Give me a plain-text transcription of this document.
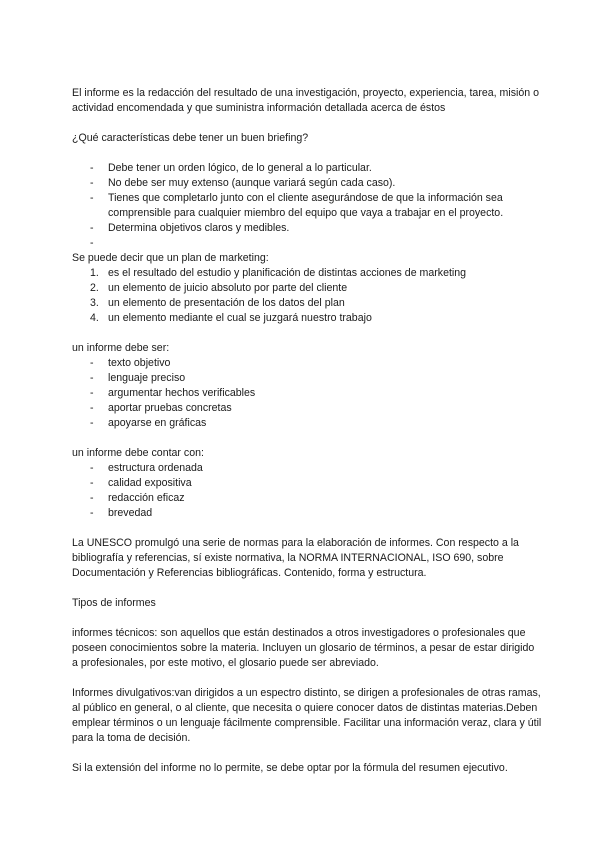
El informe es la redacción del resultado de una investigación, proyecto, experiencia, tarea, misión o actividad encomendada y que suministra información detallada acerca de éstos

¿Qué características debe tener un buen briefing?

- Debe tener un orden lógico, de lo general a lo particular.
- No debe ser muy extenso (aunque variará según cada caso).
- Tienes que completarlo junto con el cliente asegurándose de que la información sea comprensible para cualquier miembro del equipo que vaya a trabajar en el proyecto.
- Determina objetivos claros y medibles.
-

Se puede decir que un plan de marketing:

1. es el resultado del estudio y planificación de distintas acciones de marketing
2. un elemento de juicio absoluto por parte del cliente
3. un elemento de presentación de los datos del plan
4. un elemento mediante el cual se juzgará nuestro trabajo

un informe debe ser:

- texto objetivo
- lenguaje preciso
- argumentar hechos verificables
- aportar pruebas concretas
- apoyarse en gráficas

un informe debe contar con:

- estructura ordenada
- calidad expositiva
- redacción eficaz
- brevedad

La UNESCO promulgó una serie de normas para la elaboración de informes. Con respecto a la bibliografía y referencias, sí existe normativa, la NORMA INTERNACIONAL, ISO 690, sobre Documentación y Referencias bibliográficas. Contenido, forma y estructura.

Tipos de informes

informes técnicos: son aquellos que están destinados a otros investigadores o profesionales que poseen conocimientos sobre la materia. Incluyen un glosario de términos, a pesar de estar dirigido a profesionales, por este motivo, el glosario puede ser abreviado.

Informes divulgativos:van dirigidos a un espectro distinto, se dirigen a profesionales de otras ramas, al público en general, o al cliente, que necesita o quiere conocer datos de distintas materias.Deben emplear términos o un lenguaje fácilmente comprensible. Facilitar una información veraz, clara y útil para la toma de decisión.

Si la extensión del informe no lo permite, se debe optar por la fórmula del resumen ejecutivo.
